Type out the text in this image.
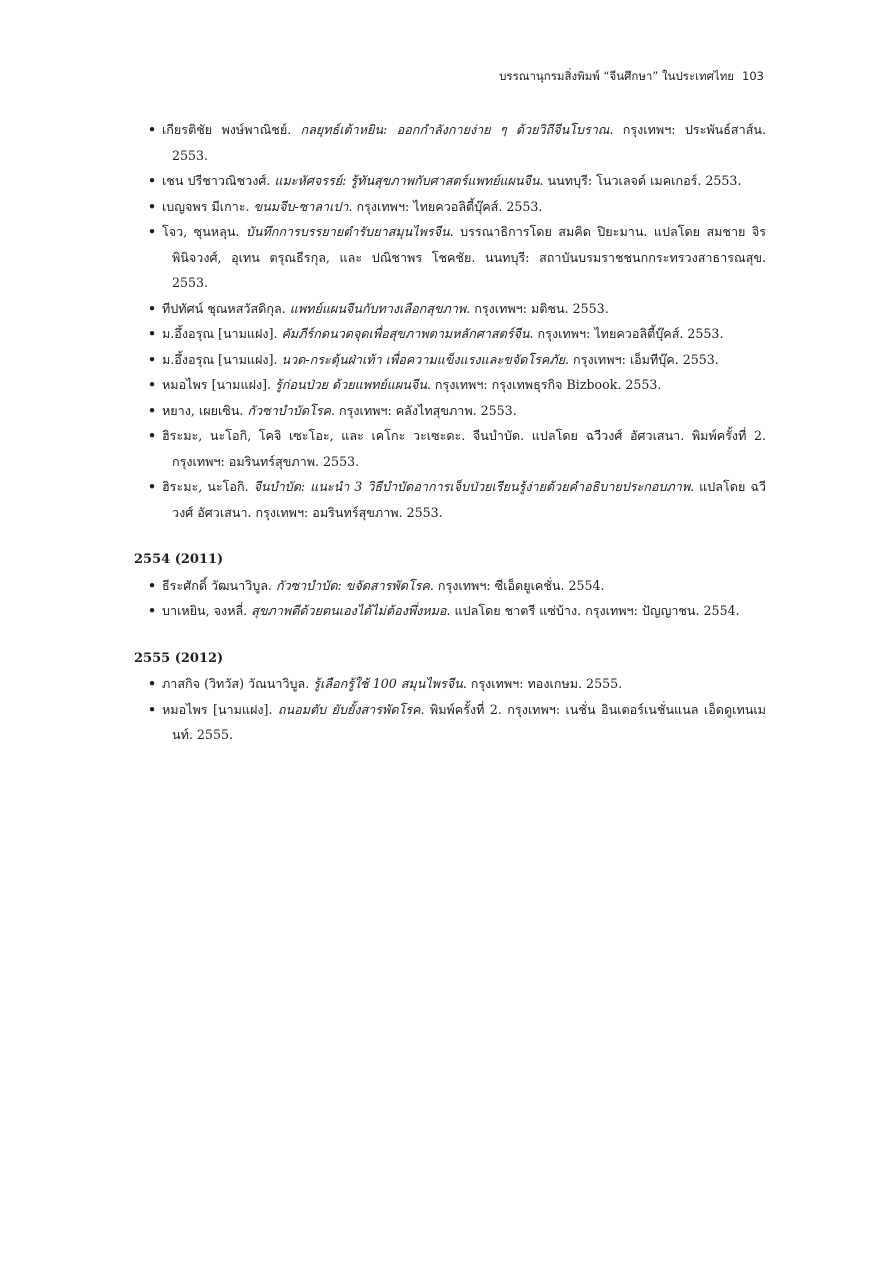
บรรณานุกรมสิ่งพิมพ์ “จีนศึกษา” ในประเทศไทย 103
• เกียรติชัย พงษ์พาณิชย์. กลยุทธ์เต้าหยิน: ออกกำลังกายง่าย ๆ ด้วยวิถีจีนโบราณ. กรุงเทพฯ: ประพันธ์สาส์น. 2553.
• เชน ปรีชาวณิชวงศ์. แมะหัศจรรย์: รู้ทันสุขภาพกับศาสตร์แพทย์แผนจีน. นนทบุรี: โนวเลจด์ เมคเกอร์. 2553.
• เบญจพร มีเกาะ. ขนมจีบ-ซาลาเปา. กรุงเทพฯ: ไทยควอลิตี้บุ๊คส์. 2553.
• โจว, ซุนหลุน. บันทึกการบรรยายตำรับยาสมุนไพรจีน. บรรณาธิการโดย สมคิด ปิยะมาน. แปลโดย สมชาย จิรพินิจวงศ์, อุเทน ตรุณธีรกุล, และ ปณิชาพร โชคชัย. นนทบุรี: สถาบันบรมราชชนกกระทรวงสาธารณสุข. 2553.
• ทีปทัศน์ ชุณหสวัสดิกุล. แพทย์แผนจีนกับทางเลือกสุขภาพ. กรุงเทพฯ: มติชน. 2553.
• ม.อึ้งอรุณ [นามแฝง]. คัมภีร์กดนวดจุดเพื่อสุขภาพตามหลักศาสตร์จีน. กรุงเทพฯ: ไทยควอลิตี้บุ๊คส์. 2553.
• ม.อึ้งอรุณ [นามแฝง]. นวด-กระตุ้นฝ่าเท้า เพื่อความแข็งแรงและขจัดโรคภัย. กรุงเทพฯ: เอ็มทีบุ๊ค. 2553.
• หมอไพร [นามแฝง]. รู้ก่อนป่วย ด้วยแพทย์แผนจีน. กรุงเทพฯ: กรุงเทพธุรกิจ Bizbook. 2553.
• หยาง, เผยเซิน. กัวซาบำบัดโรค. กรุงเทพฯ: คลังไทสุขภาพ. 2553.
• ฮิระมะ, นะโอกิ, โคจิ เซะโอะ, และ เคโกะ วะเซะดะ. จีนบำบัด. แปลโดย ฉวีวงศ์ อัศวเสนา. พิมพ์ครั้งที่ 2. กรุงเทพฯ: อมรินทร์สุขภาพ. 2553.
• ฮิระมะ, นะโอกิ. จีนบำบัด: แนะนำ 3 วิธีบำบัดอาการเจ็บป่วยเรียนรู้ง่ายด้วยคำอธิบายประกอบภาพ. แปลโดย ฉวีวงศ์ อัศวเสนา. กรุงเทพฯ: อมรินทร์สุขภาพ. 2553.
2554 (2011)
• ธีระศักดิ์ วัฒนาวิบูล. กัวซาบำบัด: ขจัดสารพัดโรค. กรุงเทพฯ: ซีเอ็ดยูเคชั่น. 2554.
• บาเหยิน, จงหลี่. สุขภาพดีด้วยตนเองได้ไม่ต้องพึ่งหมอ. แปลโดย ชาตรี แซ่บ้าง. กรุงเทพฯ: ปัญญาชน. 2554.
2555 (2012)
• ภาสกิจ (วิทวัส) วัณนาวิบูล. รู้เลือกรู้ใช้ 100 สมุนไพรจีน. กรุงเทพฯ: ทองเกษม. 2555.
• หมอไพร [นามแฝง]. ถนอมตับ ยับยั้งสารพัดโรค. พิมพ์ครั้งที่ 2. กรุงเทพฯ: เนชั่น อินเตอร์เนชั่นแนล เอ็ดดูเทนเมนท์. 2555.
